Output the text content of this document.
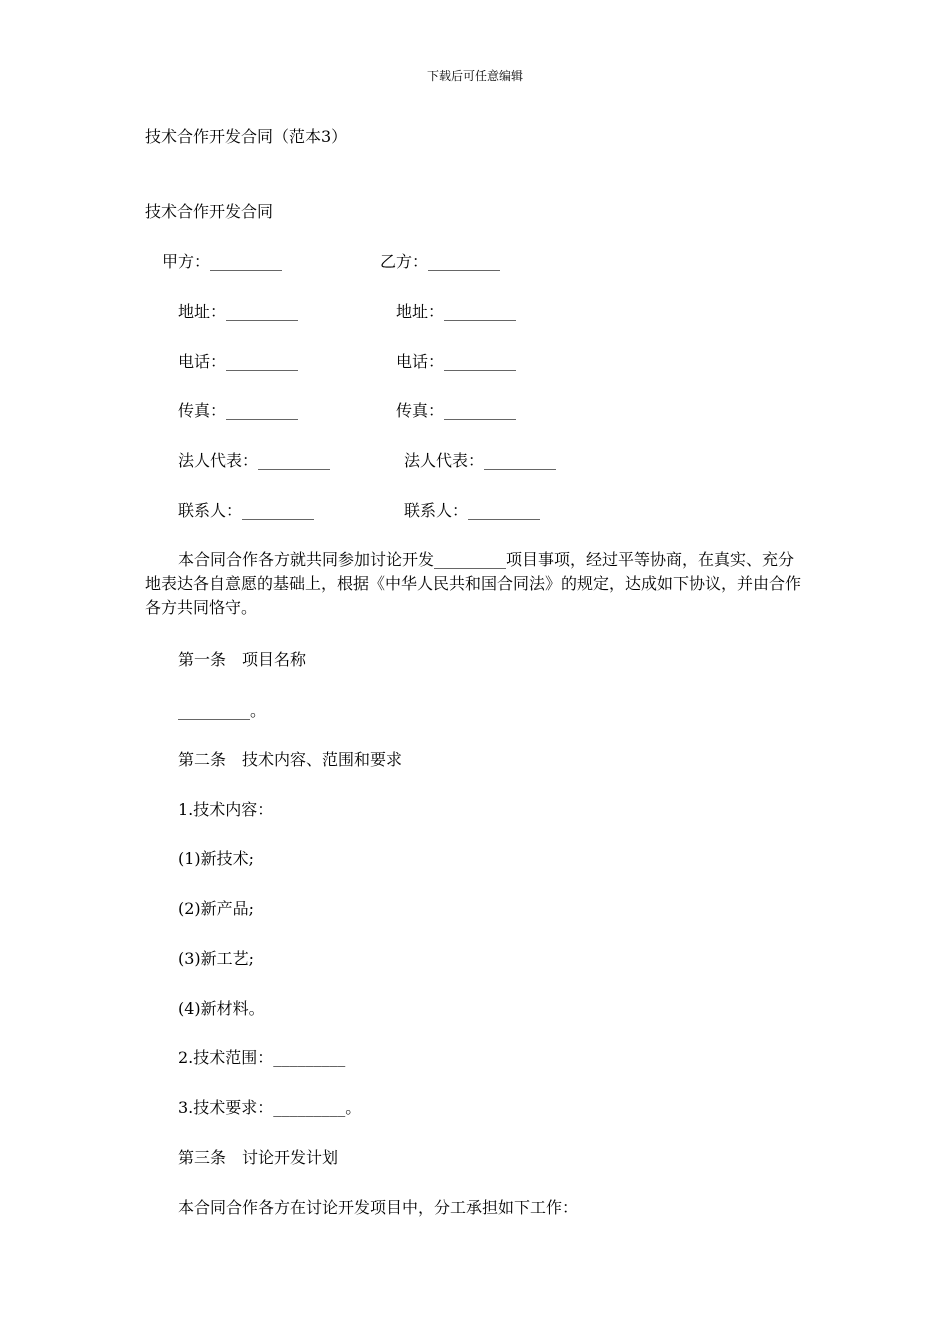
下载后可任意编辑
技术合作开发合同（范本3）
技术合作开发合同
甲方：_________	乙方：_________
地址：_________	地址：_________
电话：_________	电话：_________
传真：_________	传真：_________
法人代表：_________	法人代表：_________
联系人：_________	联系人：_________
本合同合作各方就共同参加讨论开发_________项目事项，经过平等协商，在真实、充分地表达各自意愿的基础上，根据《中华人民共和国合同法》的规定，达成如下协议，并由合作各方共同恪守。
第一条　项目名称
_________。
第二条　技术内容、范围和要求
1.技术内容：
(1)新技术;
(2)新产品;
(3)新工艺;
(4)新材料。
2.技术范围：_________
3.技术要求：_________。
第三条　讨论开发计划
本合同合作各方在讨论开发项目中，分工承担如下工作：
